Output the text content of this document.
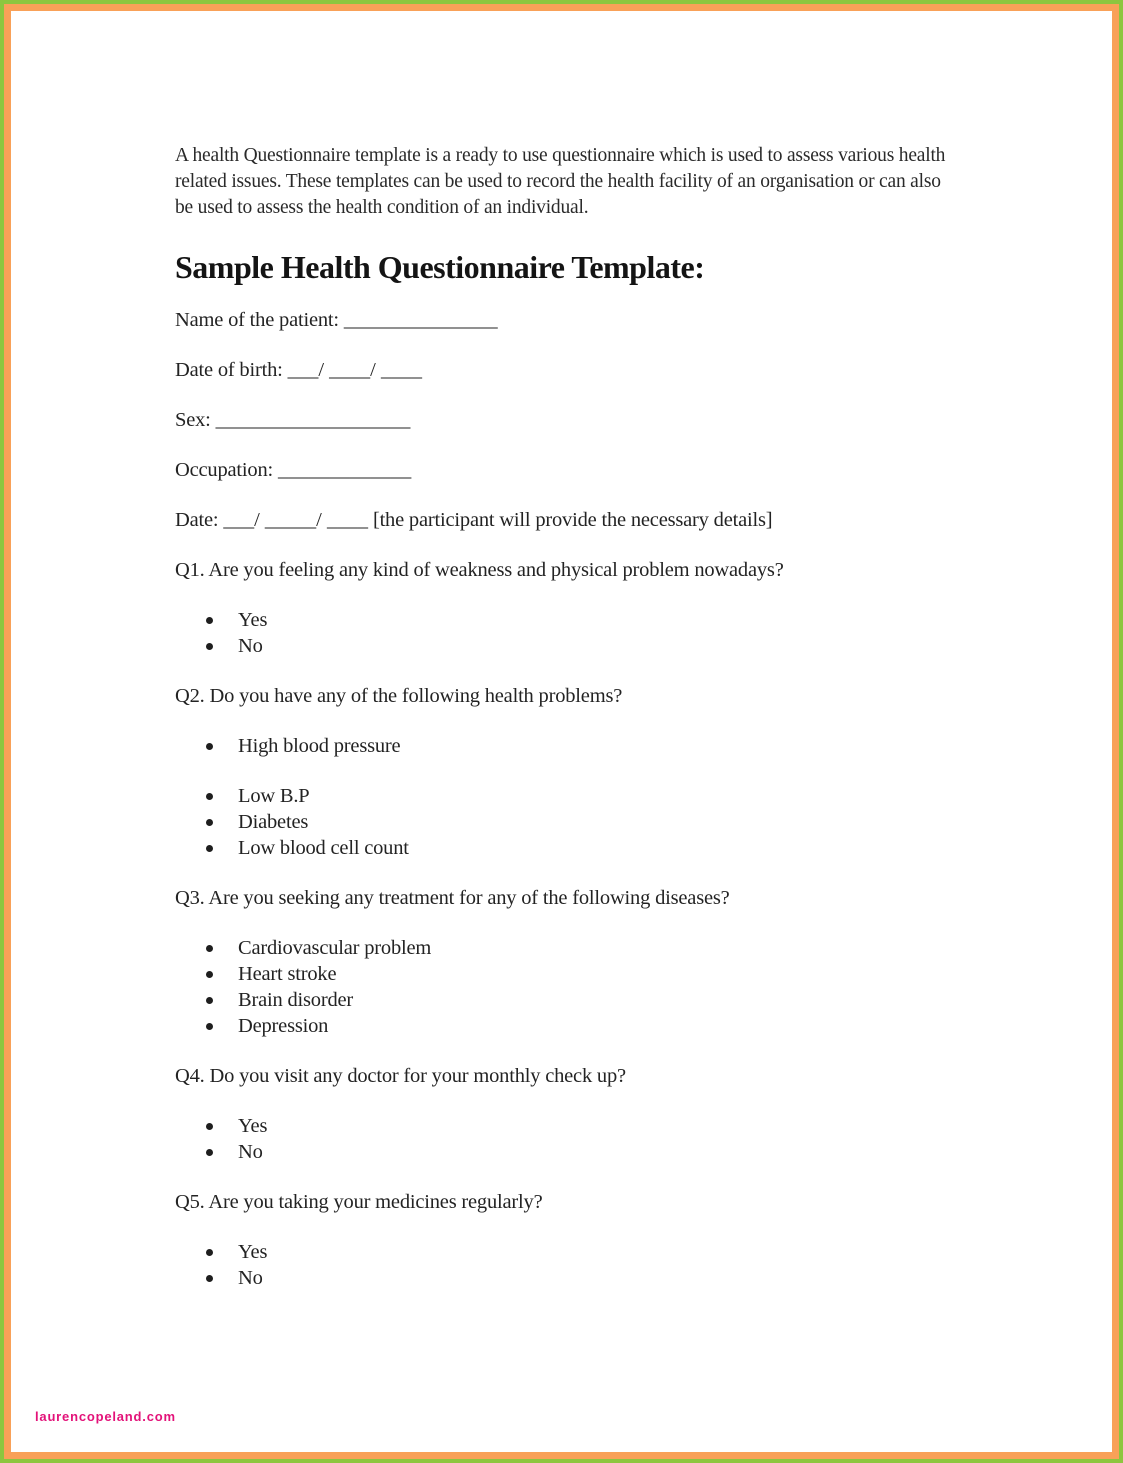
A health Questionnaire template is a ready to use questionnaire which is used to assess various health related issues. These templates can be used to record the health facility of an organisation or can also be used to assess the health condition of an individual.

Sample Health Questionnaire Template:
Name of the patient: _______________
Date of birth: ___/ ____/ ____
Sex: ___________________
Occupation: _____________
Date: ___/ _____/ ____ [the participant will provide the necessary details]
Q1. Are you feeling any kind of weakness and physical problem nowadays?
Yes
No
Q2. Do you have any of the following health problems?
High blood pressure
Low B.P
Diabetes
Low blood cell count
Q3. Are you seeking any treatment for any of the following diseases?
Cardiovascular problem
Heart stroke
Brain disorder
Depression
Q4. Do you visit any doctor for your monthly check up?
Yes
No
Q5. Are you taking your medicines regularly?
Yes
No
laurencopeland.com
